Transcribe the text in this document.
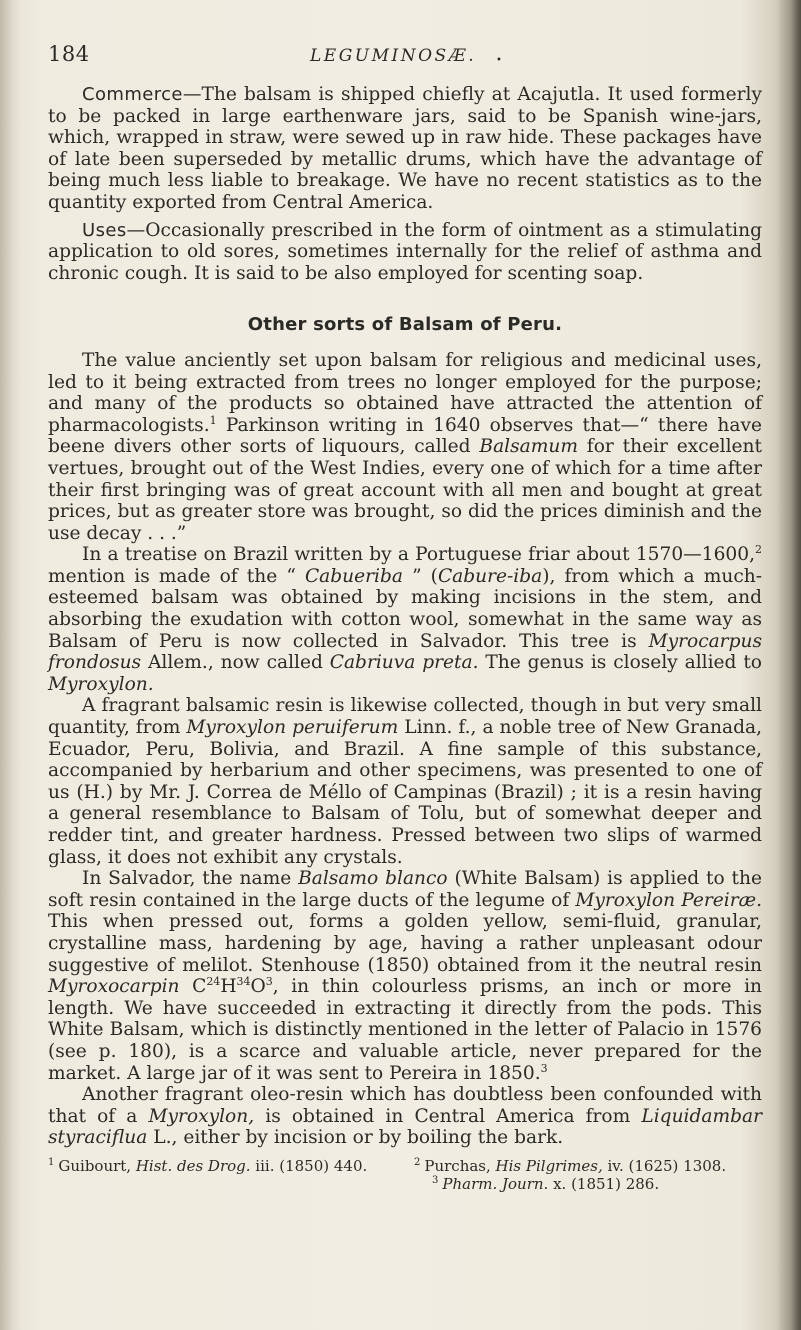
184	LEGUMINOSÆ. •

Commerce—The balsam is shipped chiefly at Acajutla. It used formerly to be packed in large earthenware jars, said to be Spanish wine-jars, which, wrapped in straw, were sewed up in raw hide. These packages have of late been superseded by metallic drums, which have the advantage of being much less liable to breakage. We have no recent statistics as to the quantity exported from Central America.

Uses—Occasionally prescribed in the form of ointment as a stimulating application to old sores, sometimes internally for the relief of asthma and chronic cough. It is said to be also employed for scenting soap.

Other sorts of Balsam of Peru.

The value anciently set upon balsam for religious and medicinal uses, led to it being extracted from trees no longer employed for the purpose; and many of the products so obtained have attracted the attention of pharmacologists.$^1$ Parkinson writing in 1640 observes that—“ there have beene divers other sorts of liquours, called Balsamum for their excellent vertues, brought out of the West Indies, every one of which for a time after their first bringing was of great account with all men and bought at great prices, but as greater store was brought, so did the prices diminish and the use decay . . .”

In a treatise on Brazil written by a Portuguese friar about 1570—1600,$^2$ mention is made of the “ Cabueriba ” (Cabure-iba), from which a much-esteemed balsam was obtained by making incisions in the stem, and absorbing the exudation with cotton wool, somewhat in the same way as Balsam of Peru is now collected in Salvador. This tree is Myrocarpus frondosus Allem., now called Cabriuva preta. The genus is closely allied to Myroxylon.

A fragrant balsamic resin is likewise collected, though in but very small quantity, from Myroxylon peruiferum Linn. f., a noble tree of New Granada, Ecuador, Peru, Bolivia, and Brazil. A fine sample of this substance, accompanied by herbarium and other specimens, was presented to one of us (H.) by Mr. J. Correa de Méllo of Campinas (Brazil) ; it is a resin having a general resemblance to Balsam of Tolu, but of somewhat deeper and redder tint, and greater hardness. Pressed between two slips of warmed glass, it does not exhibit any crystals.

In Salvador, the name Balsamo blanco (White Balsam) is applied to the soft resin contained in the large ducts of the legume of Myroxylon Pereiræ. This when pressed out, forms a golden yellow, semi-fluid, granular, crystalline mass, hardening by age, having a rather unpleasant odour suggestive of melilot. Stenhouse (1850) obtained from it the neutral resin Myroxocarpin $C^{24}H^{34}O^3$, in thin colourless prisms, an inch or more in length. We have succeeded in extracting it directly from the pods. This White Balsam, which is distinctly mentioned in the letter of Palacio in 1576 (see p. 180), is a scarce and valuable article, never prepared for the market. A large jar of it was sent to Pereira in 1850.$^3$

Another fragrant oleo-resin which has doubtless been confounded with that of a Myroxylon, is obtained in Central America from Liquidambar styraciflua L., either by incision or by boiling the bark.

$^1$ Guibourt, Hist. des Drog. iii. (1850) 440.	$^2$ Purchas, His Pilgrimes, iv. (1625) 1308.
$^3$ Pharm. Journ. x. (1851) 286.
